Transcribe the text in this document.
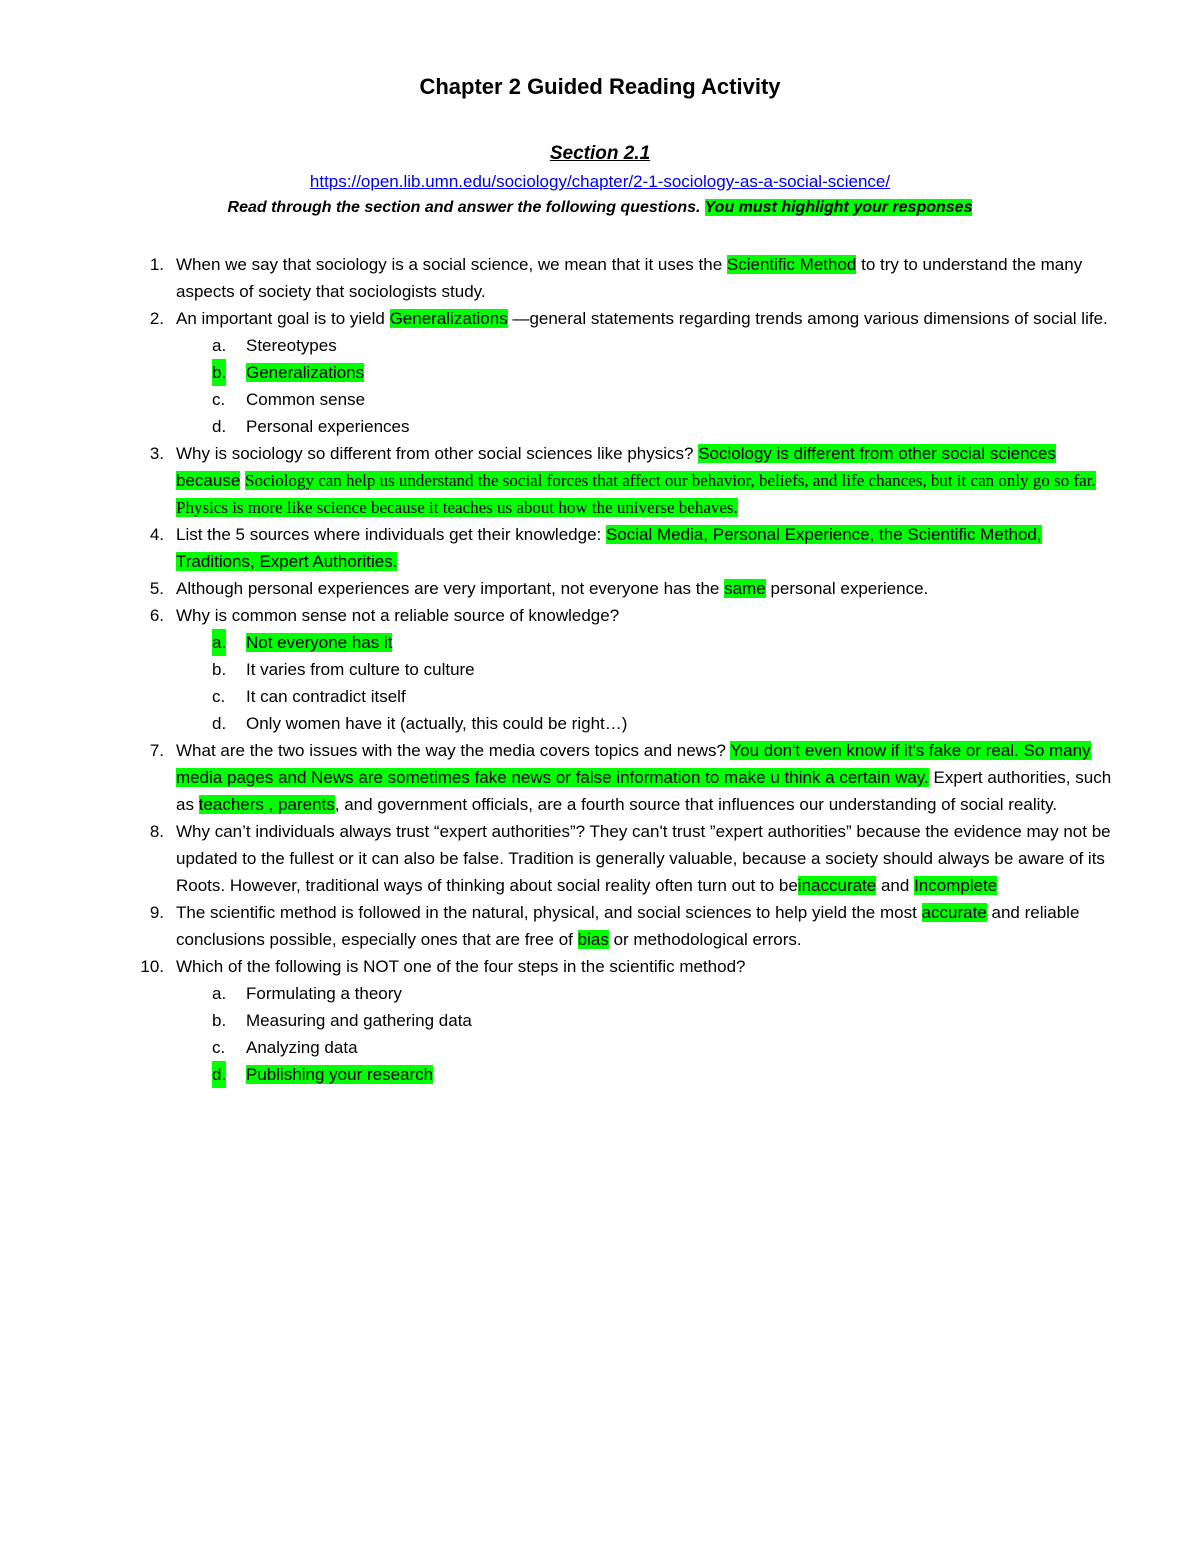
Chapter 2 Guided Reading Activity
Section 2.1
https://open.lib.umn.edu/sociology/chapter/2-1-sociology-as-a-social-science/
Read through the section and answer the following questions. You must highlight your responses
1. When we say that sociology is a social science, we mean that it uses the Scientific Method to try to understand the many aspects of society that sociologists study.
2. An important goal is to yield Generalizations —general statements regarding trends among various dimensions of social life.
a. Stereotypes
b. Generalizations
c. Common sense
d. Personal experiences
3. Why is sociology so different from other social sciences like physics? Sociology is different from other social sciences because Sociology can help us understand the social forces that affect our behavior, beliefs, and life chances, but it can only go so far. Physics is more like science because it teaches us about how the universe behaves.
4. List the 5 sources where individuals get their knowledge: Social Media, Personal Experience, the Scientific Method, Traditions, Expert Authorities.
5. Although personal experiences are very important, not everyone has the same personal experience.
6. Why is common sense not a reliable source of knowledge?
a. Not everyone has it
b. It varies from culture to culture
c. It can contradict itself
d. Only women have it (actually, this could be right…)
7. What are the two issues with the way the media covers topics and news? You don't even know if it's fake or real. So many media pages and News are sometimes fake news or false information to make u think a certain way. Expert authorities, such as teachers , parents, and government officials, are a fourth source that influences our understanding of social reality.
8. Why can’t individuals always trust “expert authorities”? They can't trust ”expert authorities” because the evidence may not be updated to the fullest or it can also be false. Tradition is generally valuable, because a society should always be aware of its Roots. However, traditional ways of thinking about social reality often turn out to beinaccurate and Incomplete
9. The scientific method is followed in the natural, physical, and social sciences to help yield the most accurate and reliable conclusions possible, especially ones that are free of bias or methodological errors.
10. Which of the following is NOT one of the four steps in the scientific method?
a. Formulating a theory
b. Measuring and gathering data
c. Analyzing data
d. Publishing your research
